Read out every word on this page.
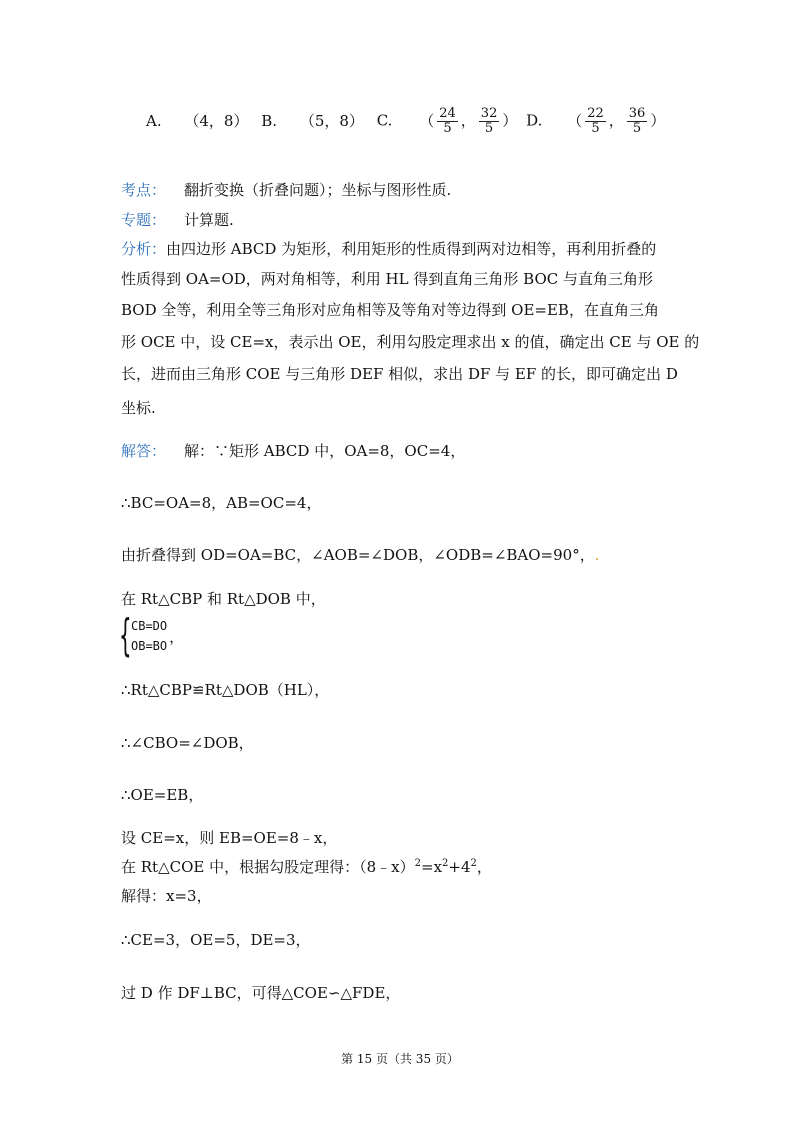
A. （4，8） B. （5，8） C. （ $\frac{24}{5}$ ， $\frac{32}{5}$ ） D. （ $\frac{22}{5}$ ， $\frac{36}{5}$ ）
考点： 翻折变换（折叠问题）；坐标与图形性质.
专题： 计算题.
分析：由四边形 ABCD 为矩形，利用矩形的性质得到两对边相等，再利用折叠的
性质得到 OA=OD，两对角相等，利用 HL 得到直角三角形 BOC 与直角三角形
BOD 全等，利用全等三角形对应角相等及等角对等边得到 OE=EB，在直角三角
形 OCE 中，设 CE=x，表示出 OE，利用勾股定理求出 x 的值，确定出 CE 与 OE 的
长，进而由三角形 COE 与三角形 DEF 相似，求出 DF 与 EF 的长，即可确定出 D
坐标.
解答： 解：∵矩形 ABCD 中，OA=8，OC=4，
∴BC=OA=8，AB=OC=4，
由折叠得到 OD=OA=BC，∠AOB=∠DOB，∠ODB=∠BAO=90°，.
在 Rt△CBP 和 Rt△DOB 中，
{ CB=DO
OB=BO
，
∴Rt△CBP≌Rt△DOB（HL），
∴∠CBO=∠DOB，
∴OE=EB，
设 CE=x，则 EB=OE=8﹣x，
在 Rt△COE 中，根据勾股定理得：$(8﹣x)^2=x^2+4^2$，
解得：x=3，
∴CE=3，OE=5，DE=3，
过 D 作 DF⊥BC，可得△COE∽△FDE，
第 15 页（共 35 页）
